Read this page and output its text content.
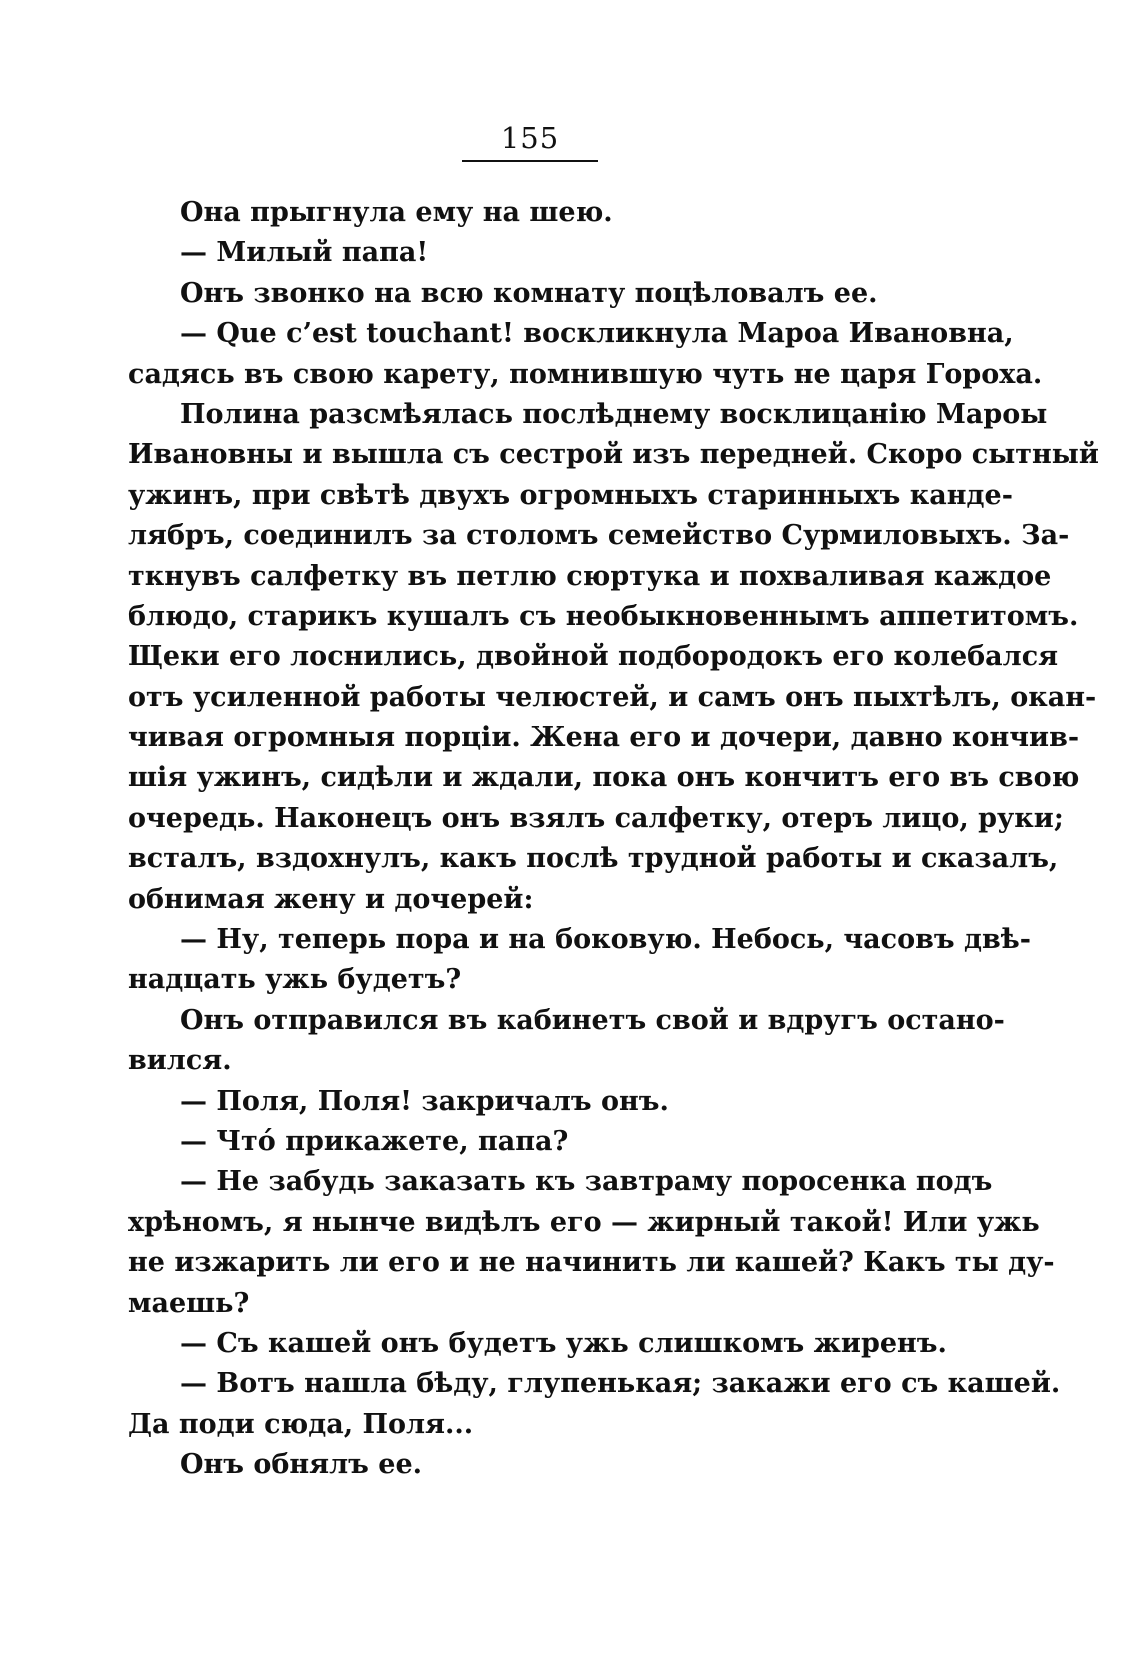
155
Она прыгнула ему на шею.
— Милый папа!
Онъ звонко на всю комнату поцѣловалъ ее.
— Que c’est touchant! воскликнула Мароа Ивановна,
садясь въ свою карету, помнившую чуть не царя Гороха.
Полина разсмѣялась послѣднему восклицанію Мароы
Ивановны и вышла съ сестрой изъ передней. Скоро сытный
ужинъ, при свѣтѣ двухъ огромныхъ старинныхъ канде-
лябръ, соединилъ за столомъ семейство Сурмиловыхъ. За-
ткнувъ салфетку въ петлю сюртука и похваливая каждое
блюдо, старикъ кушалъ съ необыкновеннымъ аппетитомъ.
Щеки его лоснились, двойной подбородокъ его колебался
отъ усиленной работы челюстей, и самъ онъ пыхтѣлъ, окан-
чивая огромныя порціи. Жена его и дочери, давно кончив-
шія ужинъ, сидѣли и ждали, пока онъ кончитъ его въ свою
очередь. Наконецъ онъ взялъ салфетку, отеръ лицо, руки;
всталъ, вздохнулъ, какъ послѣ трудной работы и сказалъ,
обнимая жену и дочерей:
— Ну, теперь пора и на боковую. Небось, часовъ двѣ-
надцать ужь будетъ?
Онъ отправился въ кабинетъ свой и вдругъ остано-
вился.
— Поля, Поля! закричалъ онъ.
— Что́ прикажете, папа?
— Не забудь заказать къ завтраму поросенка подъ
хрѣномъ, я нынче видѣлъ его — жирный такой! Или ужь
не изжарить ли его и не начинить ли кашей? Какъ ты ду-
маешь?
— Съ кашей онъ будетъ ужь слишкомъ жиренъ.
— Вотъ нашла бѣду, глупенькая; закажи его съ кашей.
Да поди сюда, Поля...
Онъ обнялъ ее.
